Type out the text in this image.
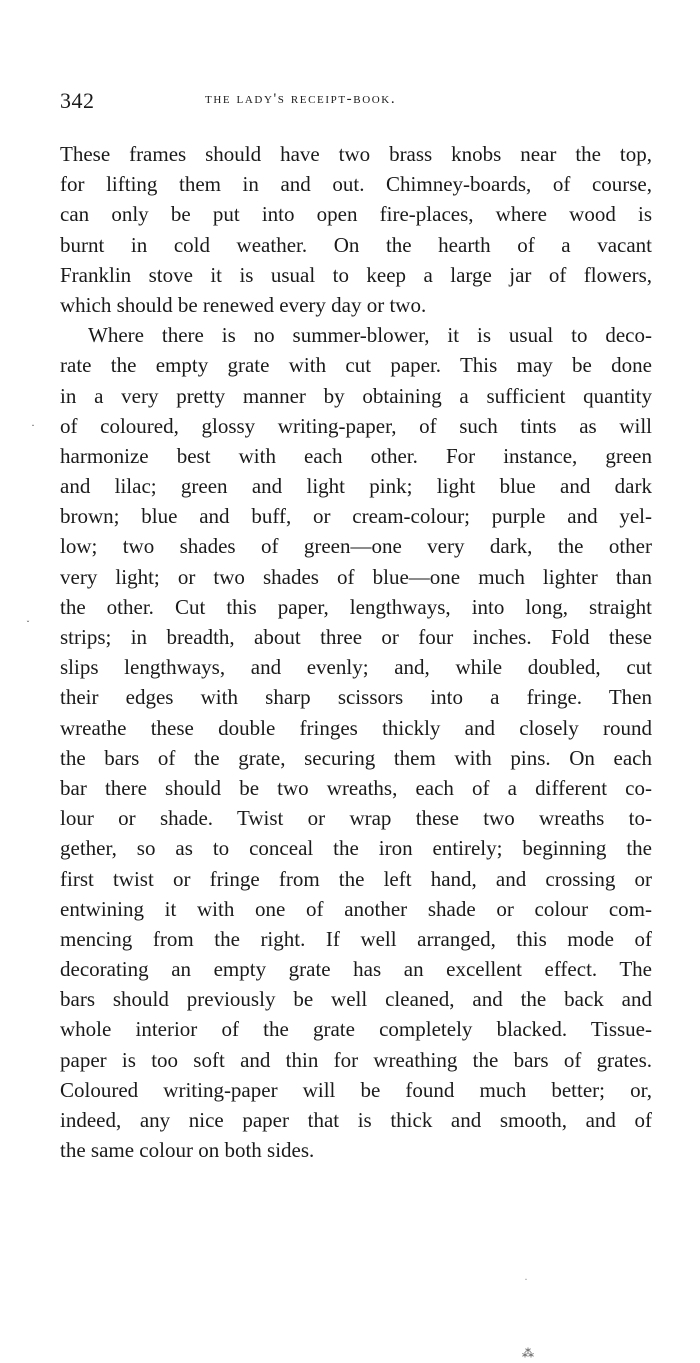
342	the lady's receipt-book.
These frames should have two brass knobs near the top,
for lifting them in and out. Chimney-boards, of course,
can only be put into open fire-places, where wood is
burnt in cold weather. On the hearth of a vacant
Franklin stove it is usual to keep a large jar of flowers,
which should be renewed every day or two.
Where there is no summer-blower, it is usual to deco-
rate the empty grate with cut paper. This may be done
in a very pretty manner by obtaining a sufficient quantity
of coloured, glossy writing-paper, of such tints as will
harmonize best with each other. For instance, green
and lilac; green and light pink; light blue and dark
brown; blue and buff, or cream-colour; purple and yel-
low; two shades of green—one very dark, the other
very light; or two shades of blue—one much lighter than
the other. Cut this paper, lengthways, into long, straight
strips; in breadth, about three or four inches. Fold these
slips lengthways, and evenly; and, while doubled, cut
their edges with sharp scissors into a fringe. Then
wreathe these double fringes thickly and closely round
the bars of the grate, securing them with pins. On each
bar there should be two wreaths, each of a different co-
lour or shade. Twist or wrap these two wreaths to-
gether, so as to conceal the iron entirely; beginning the
first twist or fringe from the left hand, and crossing or
entwining it with one of another shade or colour com-
mencing from the right. If well arranged, this mode of
decorating an empty grate has an excellent effect. The
bars should previously be well cleaned, and the back and
whole interior of the grate completely blacked. Tissue-
paper is too soft and thin for wreathing the bars of grates.
Coloured writing-paper will be found much better; or,
indeed, any nice paper that is thick and smooth, and of
the same colour on both sides.
·
˯
·
⁂
